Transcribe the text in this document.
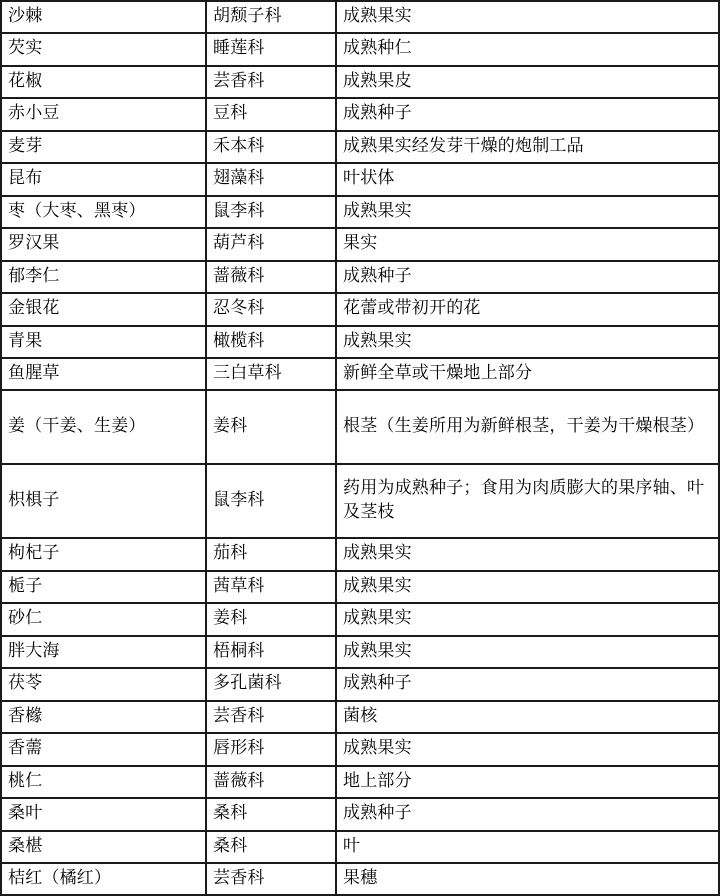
沙棘	胡颓子科	成熟果实
芡实	睡莲科	成熟种仁
花椒	芸香科	成熟果皮
赤小豆	豆科	成熟种子
麦芽	禾本科	成熟果实经发芽干燥的炮制工品
昆布	翅藻科	叶状体
枣（大枣、黑枣）	鼠李科	成熟果实
罗汉果	葫芦科	果实
郁李仁	蔷薇科	成熟种子
金银花	忍冬科	花蕾或带初开的花
青果	橄榄科	成熟果实
鱼腥草	三白草科	新鲜全草或干燥地上部分
姜（干姜、生姜）	姜科	根茎（生姜所用为新鲜根茎，干姜为干燥根茎）
枳椇子	鼠李科	药用为成熟种子；食用为肉质膨大的果序轴、叶及茎枝
枸杞子	茄科	成熟果实
栀子	茜草科	成熟果实
砂仁	姜科	成熟果实
胖大海	梧桐科	成熟果实
茯苓	多孔菌科	成熟种子
香橼	芸香科	菌核
香薷	唇形科	成熟果实
桃仁	蔷薇科	地上部分
桑叶	桑科	成熟种子
桑椹	桑科	叶
桔红（橘红）	芸香科	果穗
